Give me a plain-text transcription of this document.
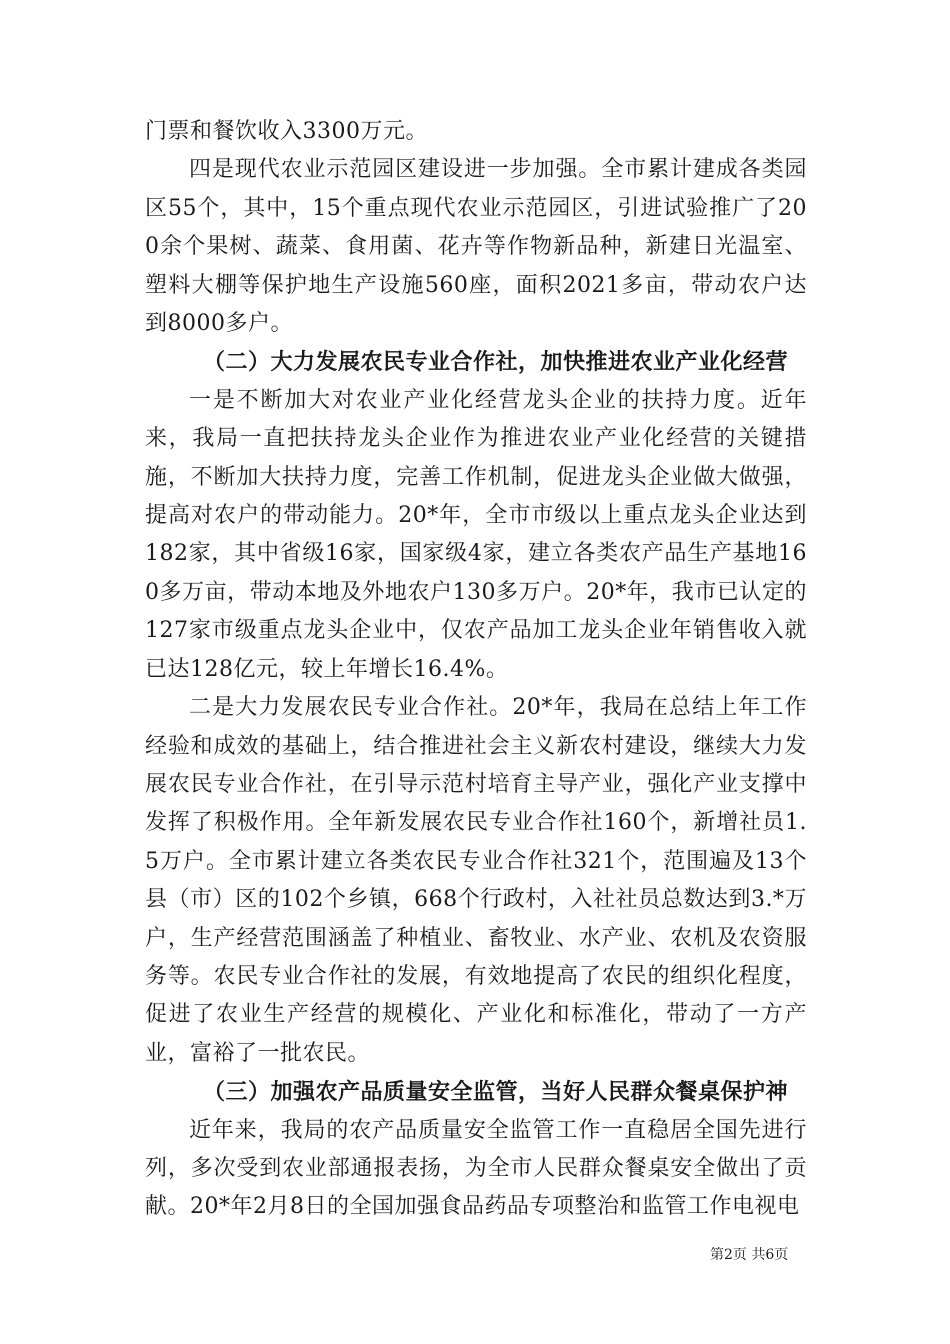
门票和餐饮收入3300万元。

四是现代农业示范园区建设进一步加强。全市累计建成各类园区55个，其中，15个重点现代农业示范园区，引进试验推广了200余个果树、蔬菜、食用菌、花卉等作物新品种，新建日光温室、塑料大棚等保护地生产设施560座，面积2021多亩，带动农户达到8000多户。

（二）大力发展农民专业合作社，加快推进农业产业化经营

一是不断加大对农业产业化经营龙头企业的扶持力度。近年来，我局一直把扶持龙头企业作为推进农业产业化经营的关键措施，不断加大扶持力度，完善工作机制，促进龙头企业做大做强，提高对农户的带动能力。20*年，全市市级以上重点龙头企业达到182家，其中省级16家，国家级4家，建立各类农产品生产基地160多万亩，带动本地及外地农户130多万户。20*年，我市已认定的127家市级重点龙头企业中，仅农产品加工龙头企业年销售收入就已达128亿元，较上年增长16.4%。

二是大力发展农民专业合作社。20*年，我局在总结上年工作经验和成效的基础上，结合推进社会主义新农村建设，继续大力发展农民专业合作社，在引导示范村培育主导产业，强化产业支撑中发挥了积极作用。全年新发展农民专业合作社160个，新增社员1.5万户。全市累计建立各类农民专业合作社321个，范围遍及13个县（市）区的102个乡镇，668个行政村，入社社员总数达到3.*万户，生产经营范围涵盖了种植业、畜牧业、水产业、农机及农资服务等。农民专业合作社的发展，有效地提高了农民的组织化程度，促进了农业生产经营的规模化、产业化和标准化，带动了一方产业，富裕了一批农民。

（三）加强农产品质量安全监管，当好人民群众餐桌保护神

近年来，我局的农产品质量安全监管工作一直稳居全国先进行列，多次受到农业部通报表扬，为全市人民群众餐桌安全做出了贡献。20*年2月8日的全国加强食品药品专项整治和监管工作电视电

第2页 共6页
